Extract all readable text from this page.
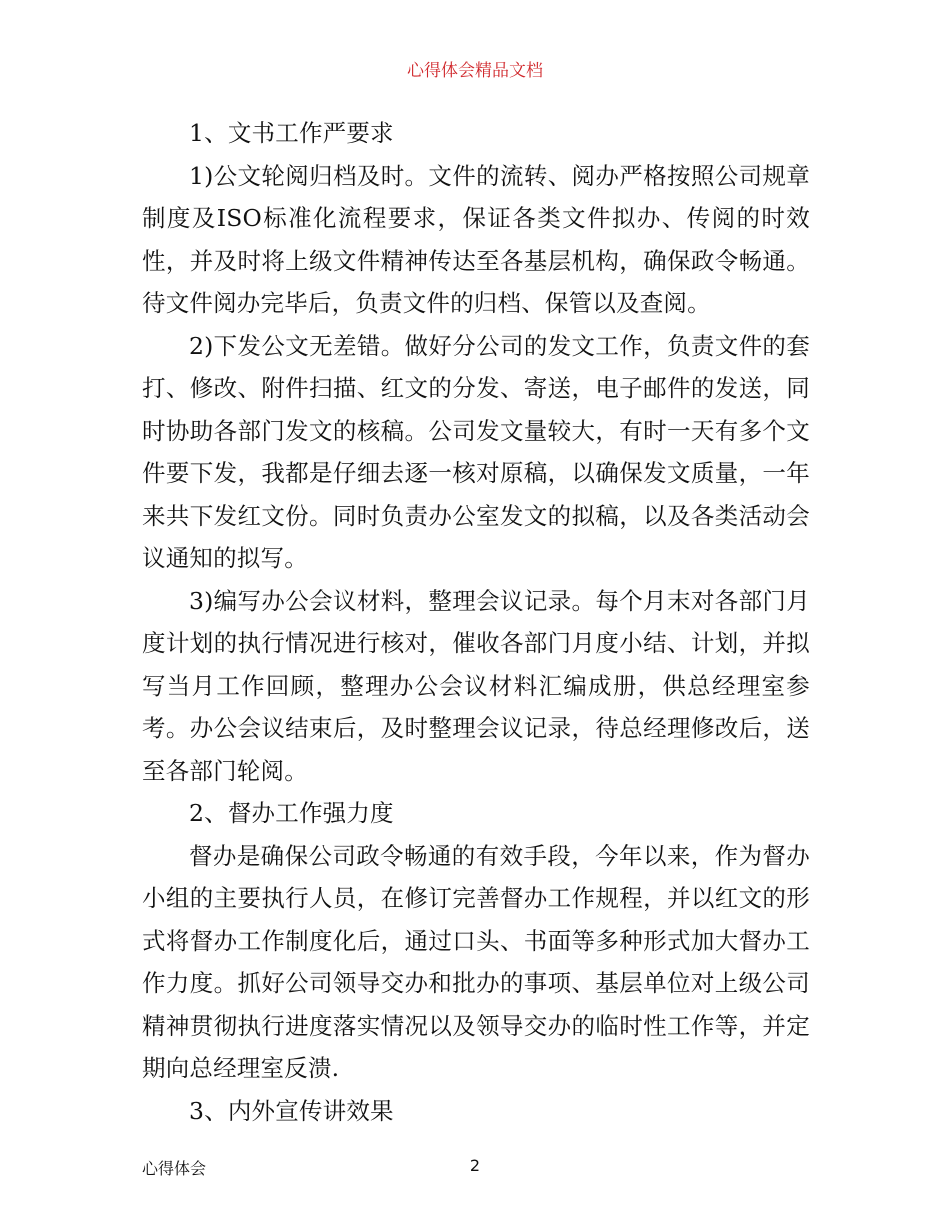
心得体会精品文档

1、文书工作严要求

1)公文轮阅归档及时。文件的流转、阅办严格按照公司规章制度及ISO标准化流程要求，保证各类文件拟办、传阅的时效性，并及时将上级文件精神传达至各基层机构，确保政令畅通。待文件阅办完毕后，负责文件的归档、保管以及查阅。

2)下发公文无差错。做好分公司的发文工作，负责文件的套打、修改、附件扫描、红文的分发、寄送，电子邮件的发送，同时协助各部门发文的核稿。公司发文量较大，有时一天有多个文件要下发，我都是仔细去逐一核对原稿，以确保发文质量，一年来共下发红文份。同时负责办公室发文的拟稿，以及各类活动会议通知的拟写。

3)编写办公会议材料，整理会议记录。每个月末对各部门月度计划的执行情况进行核对，催收各部门月度小结、计划，并拟写当月工作回顾，整理办公会议材料汇编成册，供总经理室参考。办公会议结束后，及时整理会议记录，待总经理修改后，送至各部门轮阅。

2、督办工作强力度

督办是确保公司政令畅通的有效手段，今年以来，作为督办小组的主要执行人员，在修订完善督办工作规程，并以红文的形式将督办工作制度化后，通过口头、书面等多种形式加大督办工作力度。抓好公司领导交办和批办的事项、基层单位对上级公司精神贯彻执行进度落实情况以及领导交办的临时性工作等，并定期向总经理室反溃.

3、内外宣传讲效果

心得体会	2
